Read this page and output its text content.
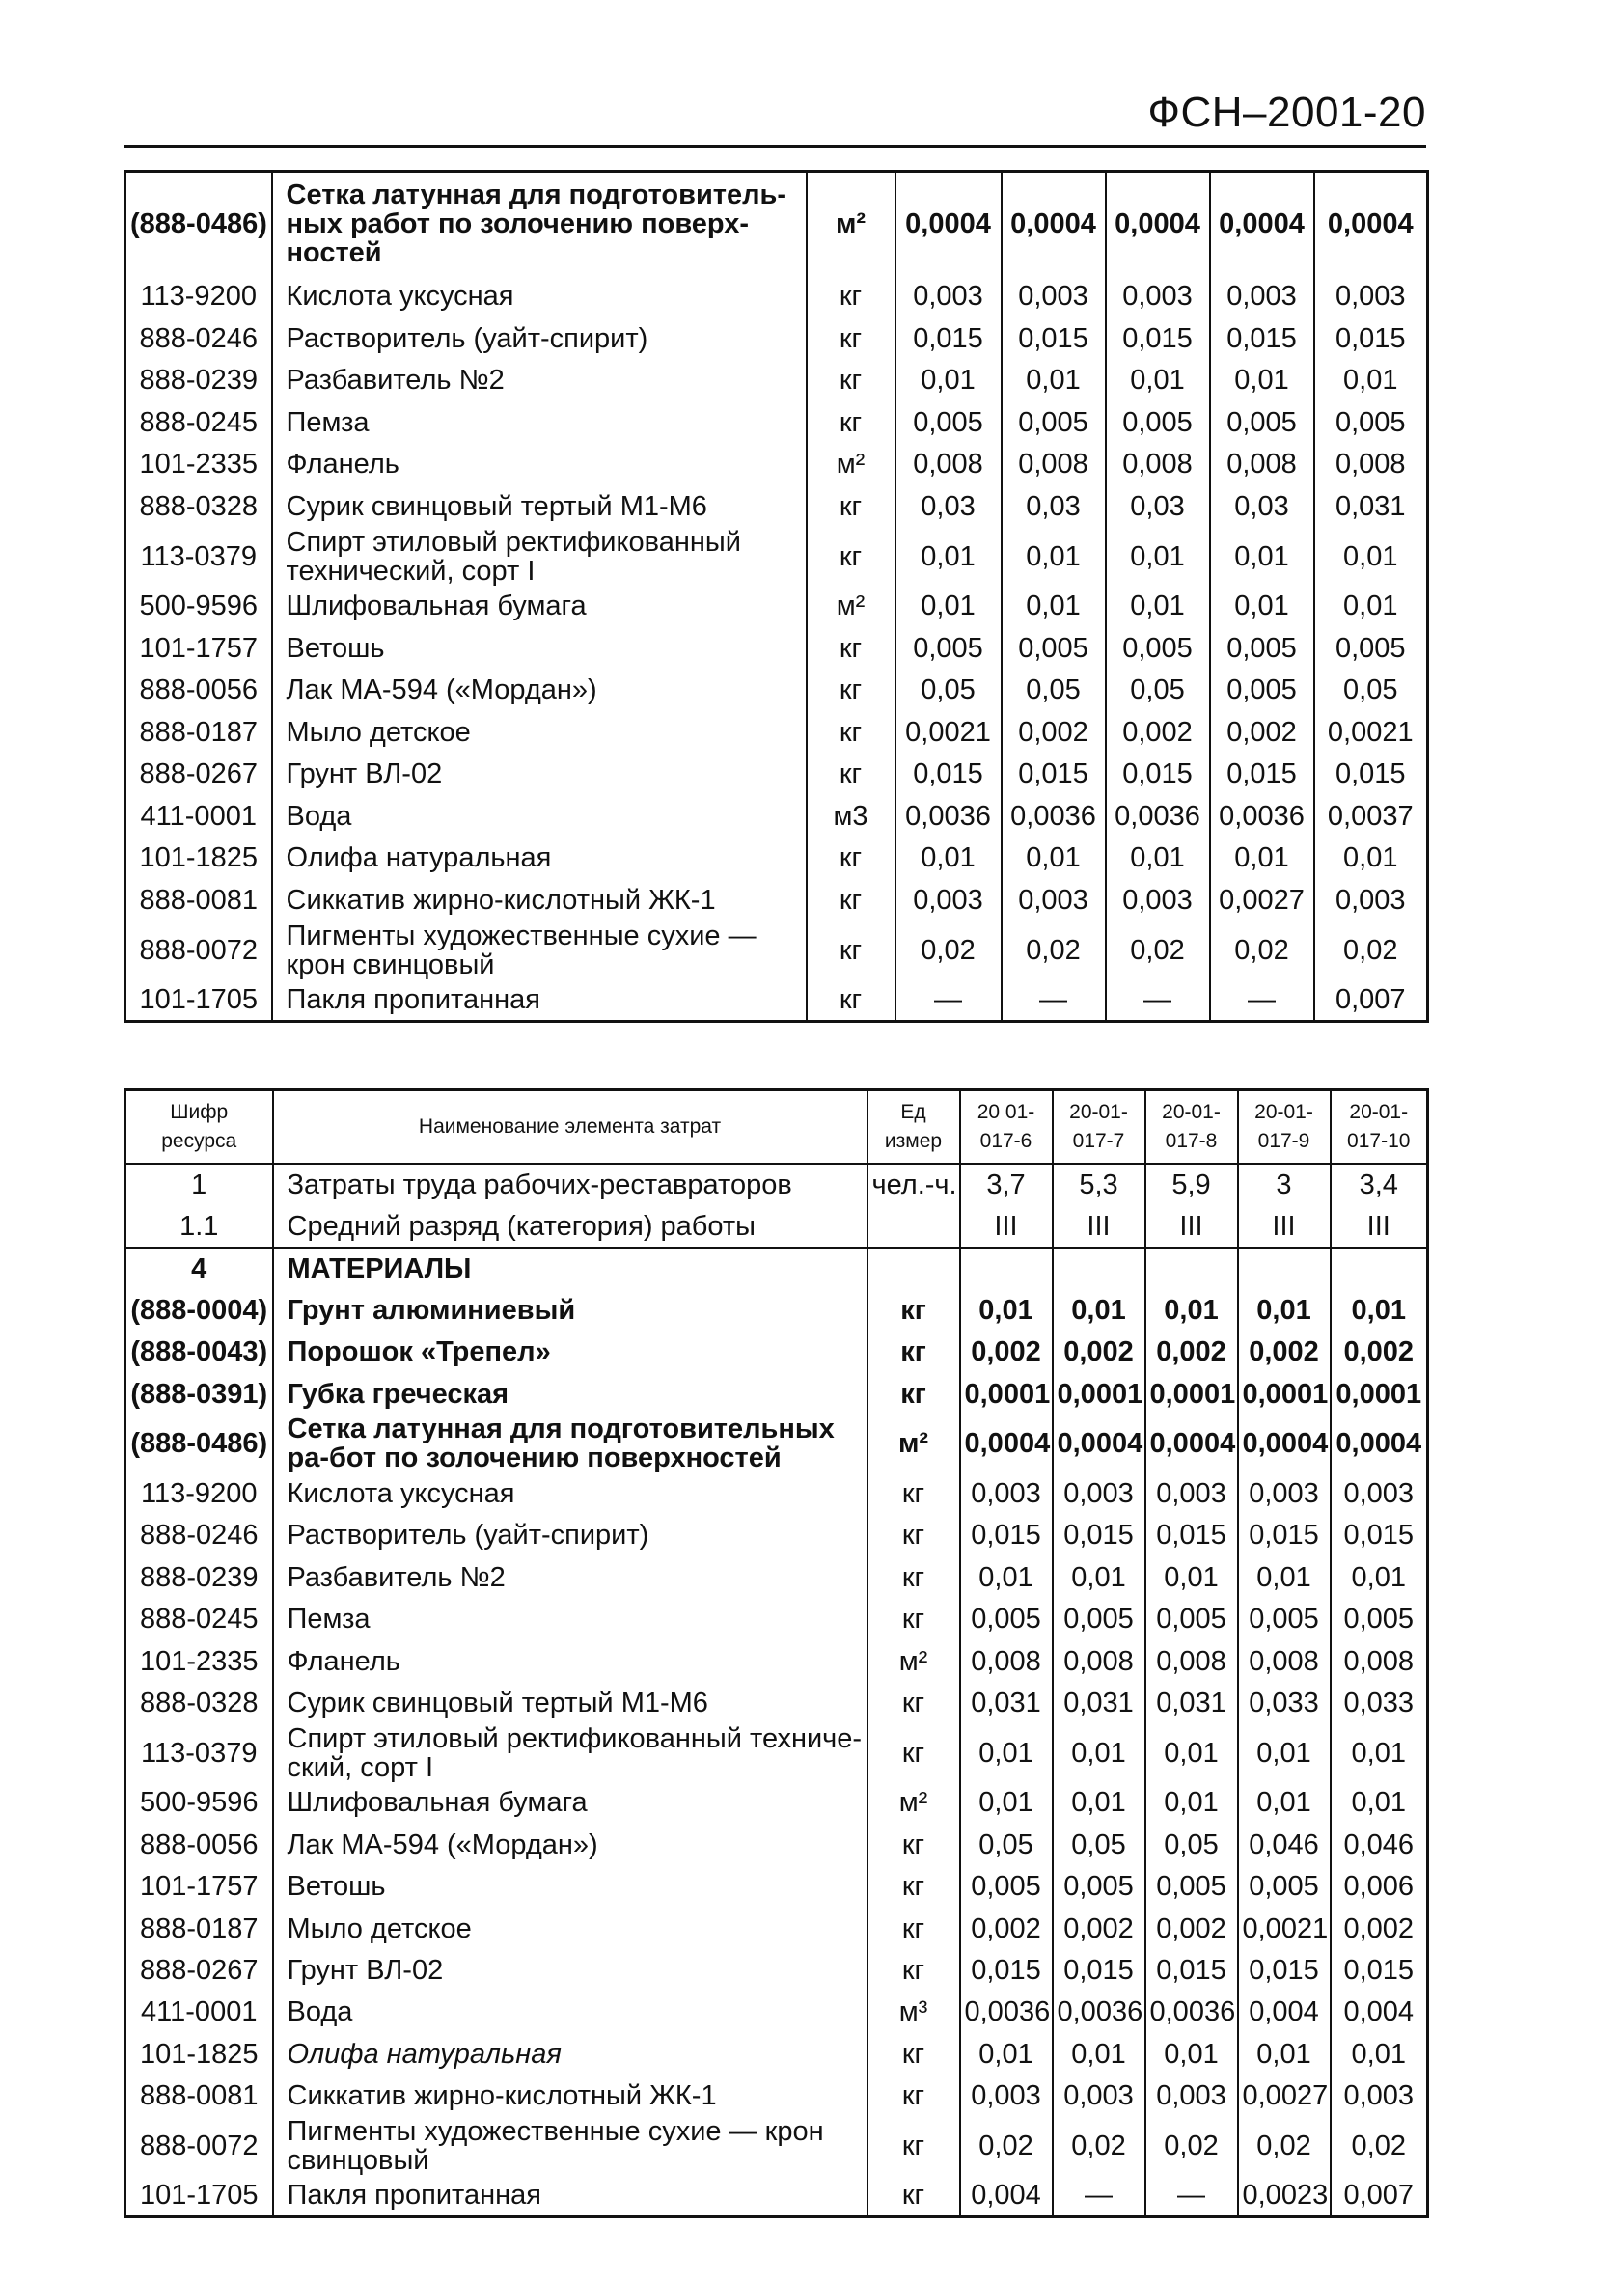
ФСН–2001-20
(888-0486)	Сетка латунная для подготовитель-ных работ по золочению поверх-ностей	м²	0,0004	0,0004	0,0004	0,0004	0,0004
113-9200	Кислота уксусная	кг	0,003	0,003	0,003	0,003	0,003
888-0246	Растворитель (уайт-спирит)	кг	0,015	0,015	0,015	0,015	0,015
888-0239	Разбавитель №2	кг	0,01	0,01	0,01	0,01	0,01
888-0245	Пемза	кг	0,005	0,005	0,005	0,005	0,005
101-2335	Фланель	м²	0,008	0,008	0,008	0,008	0,008
888-0328	Сурик свинцовый тертый М1-М6	кг	0,03	0,03	0,03	0,03	0,031
113-0379	Спирт этиловый ректификованный технический, сорт I	кг	0,01	0,01	0,01	0,01	0,01
500-9596	Шлифовальная бумага	м²	0,01	0,01	0,01	0,01	0,01
101-1757	Ветошь	кг	0,005	0,005	0,005	0,005	0,005
888-0056	Лак МА-594 («Мордан»)	кг	0,05	0,05	0,05	0,005	0,05
888-0187	Мыло детское	кг	0,0021	0,002	0,002	0,002	0,0021
888-0267	Грунт ВЛ-02	кг	0,015	0,015	0,015	0,015	0,015
411-0001	Вода	м3	0,0036	0,0036	0,0036	0,0036	0,0037
101-1825	Олифа натуральная	кг	0,01	0,01	0,01	0,01	0,01
888-0081	Сиккатив жирно-кислотный ЖК-1	кг	0,003	0,003	0,003	0,0027	0,003
888-0072	Пигменты художественные сухие — крон свинцовый	кг	0,02	0,02	0,02	0,02	0,02
101-1705	Пакля пропитанная	кг	—	—	—	—	0,007
Шифр ресурса	Наименование элемента затрат	Ед измер	20 01-017-6	20-01-017-7	20-01-017-8	20-01-017-9	20-01-017-10
1	Затраты труда рабочих-реставраторов	чел.-ч.	3,7	5,3	5,9	3	3,4
1.1	Средний разряд (категория) работы		III	III	III	III	III
4	МАТЕРИАЛЫ						
(888-0004)	Грунт алюминиевый	кг	0,01	0,01	0,01	0,01	0,01
(888-0043)	Порошок «Трепел»	кг	0,002	0,002	0,002	0,002	0,002
(888-0391)	Губка греческая	кг	0,0001	0,0001	0,0001	0,0001	0,0001
(888-0486)	Сетка латунная для подготовительных ра-бот по золочению поверхностей	м²	0,0004	0,0004	0,0004	0,0004	0,0004
113-9200	Кислота уксусная	кг	0,003	0,003	0,003	0,003	0,003
888-0246	Растворитель (уайт-спирит)	кг	0,015	0,015	0,015	0,015	0,015
888-0239	Разбавитель №2	кг	0,01	0,01	0,01	0,01	0,01
888-0245	Пемза	кг	0,005	0,005	0,005	0,005	0,005
101-2335	Фланель	м²	0,008	0,008	0,008	0,008	0,008
888-0328	Сурик свинцовый тертый М1-М6	кг	0,031	0,031	0,031	0,033	0,033
113-0379	Спирт этиловый ректификованный техниче-ский, сорт I	кг	0,01	0,01	0,01	0,01	0,01
500-9596	Шлифовальная бумага	м²	0,01	0,01	0,01	0,01	0,01
888-0056	Лак МА-594 («Мордан»)	кг	0,05	0,05	0,05	0,046	0,046
101-1757	Ветошь	кг	0,005	0,005	0,005	0,005	0,006
888-0187	Мыло детское	кг	0,002	0,002	0,002	0,0021	0,002
888-0267	Грунт ВЛ-02	кг	0,015	0,015	0,015	0,015	0,015
411-0001	Вода	м³	0,0036	0,0036	0,0036	0,004	0,004
101-1825	Олифа натуральная	кг	0,01	0,01	0,01	0,01	0,01
888-0081	Сиккатив жирно-кислотный ЖК-1	кг	0,003	0,003	0,003	0,0027	0,003
888-0072	Пигменты художественные сухие — крон свинцовый	кг	0,02	0,02	0,02	0,02	0,02
101-1705	Пакля пропитанная	кг	0,004	—	—	0,0023	0,007
